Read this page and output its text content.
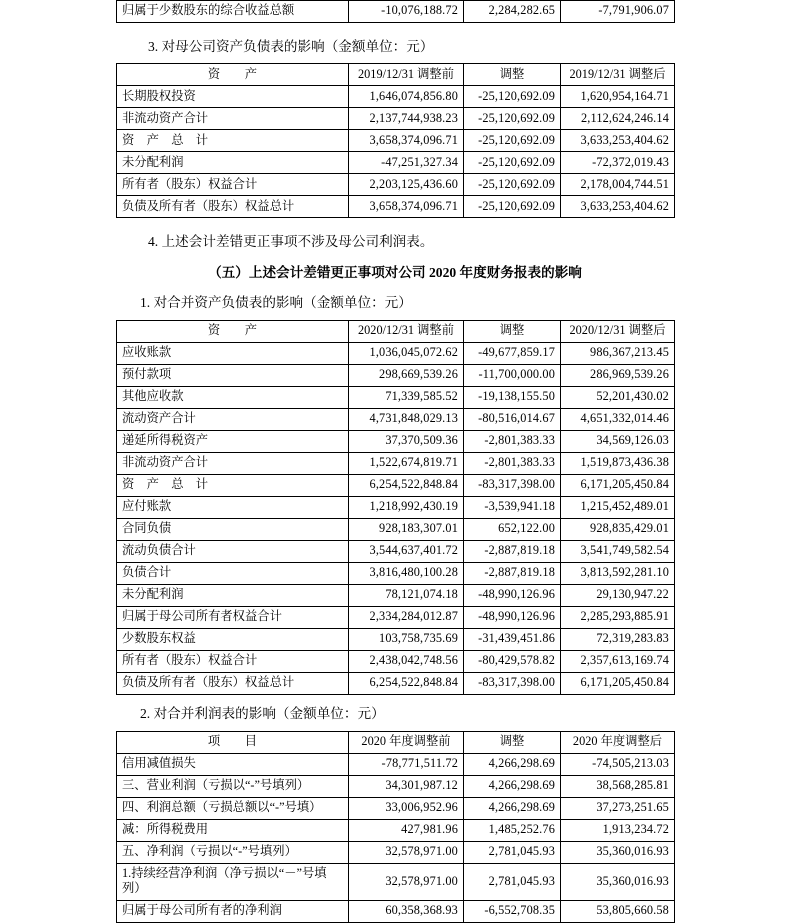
归属于少数股东的综合收益总额	-10,076,188.72	2,284,282.65	-7,791,906.07

3. 对母公司资产负债表的影响（金额单位：元）

资　　产	2019/12/31 调整前	调整	2019/12/31 调整后
长期股权投资	1,646,074,856.80	-25,120,692.09	1,620,954,164.71
非流动资产合计	2,137,744,938.23	-25,120,692.09	2,112,624,246.14
资　产　总　计	3,658,374,096.71	-25,120,692.09	3,633,253,404.62
未分配利润	-47,251,327.34	-25,120,692.09	-72,372,019.43
所有者（股东）权益合计	2,203,125,436.60	-25,120,692.09	2,178,004,744.51
负债及所有者（股东）权益总计	3,658,374,096.71	-25,120,692.09	3,633,253,404.62

4. 上述会计差错更正事项不涉及母公司利润表。

（五）上述会计差错更正事项对公司 2020 年度财务报表的影响

1. 对合并资产负债表的影响（金额单位：元）

资　　产	2020/12/31 调整前	调整	2020/12/31 调整后
应收账款	1,036,045,072.62	-49,677,859.17	986,367,213.45
预付款项	298,669,539.26	-11,700,000.00	286,969,539.26
其他应收款	71,339,585.52	-19,138,155.50	52,201,430.02
流动资产合计	4,731,848,029.13	-80,516,014.67	4,651,332,014.46
递延所得税资产	37,370,509.36	-2,801,383.33	34,569,126.03
非流动资产合计	1,522,674,819.71	-2,801,383.33	1,519,873,436.38
资　产　总　计	6,254,522,848.84	-83,317,398.00	6,171,205,450.84
应付账款	1,218,992,430.19	-3,539,941.18	1,215,452,489.01
合同负债	928,183,307.01	652,122.00	928,835,429.01
流动负债合计	3,544,637,401.72	-2,887,819.18	3,541,749,582.54
负债合计	3,816,480,100.28	-2,887,819.18	3,813,592,281.10
未分配利润	78,121,074.18	-48,990,126.96	29,130,947.22
归属于母公司所有者权益合计	2,334,284,012.87	-48,990,126.96	2,285,293,885.91
少数股东权益	103,758,735.69	-31,439,451.86	72,319,283.83
所有者（股东）权益合计	2,438,042,748.56	-80,429,578.82	2,357,613,169.74
负债及所有者（股东）权益总计	6,254,522,848.84	-83,317,398.00	6,171,205,450.84

2. 对合并利润表的影响（金额单位：元）

项　　目	2020 年度调整前	调整	2020 年度调整后
信用减值损失	-78,771,511.72	4,266,298.69	-74,505,213.03
三、营业利润（亏损以“-”号填列）	34,301,987.12	4,266,298.69	38,568,285.81
四、利润总额（亏损总额以“-”号填）	33,006,952.96	4,266,298.69	37,273,251.65
减：所得税费用	427,981.96	1,485,252.76	1,913,234.72
五、净利润（亏损以“-”号填列）	32,578,971.00	2,781,045.93	35,360,016.93
1.持续经营净利润（净亏损以“－”号填列）	32,578,971.00	2,781,045.93	35,360,016.93
归属于母公司所有者的净利润	60,358,368.93	-6,552,708.35	53,805,660.58
